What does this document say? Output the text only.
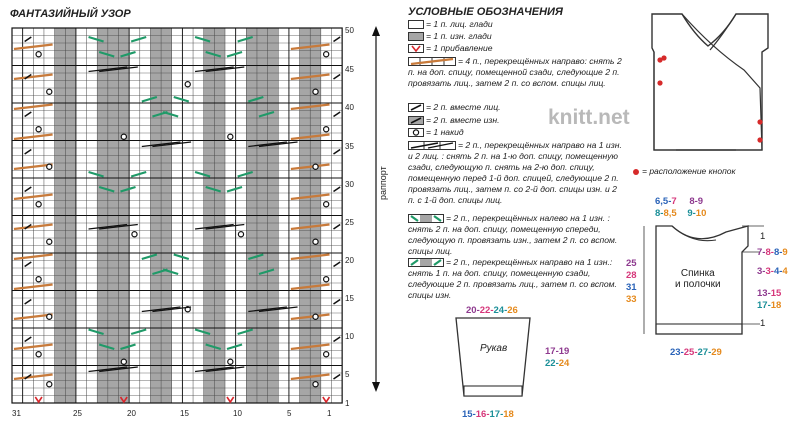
ФАНТАЗИЙНЫЙ УЗОР
50
45
40
35
30
25
20
15
10
5
1
раппорт
31	25	20	15	10	5	1
УСЛОВНЫЕ ОБОЗНАЧЕНИЯ
= 1 п. лиц. глади
= 1 п. изн. глади
= 1 прибавление
= 4 п., перекрещённых направо: снять 2 п. на доп. спицу, помещенной сзади, следующие 2 п. провязать лиц., затем 2 п. со вспом. спицы лиц.
= 2 п. вместе лиц.
= 2 п. вместе изн.
= 1 накид
= 2 п., перекрещённых направо на 1 изн. и 2 лиц. : снять 2 п. на 1-ю доп. спицу, помещенную сзади, следующую п. снять на 2-ю доп. спицу, помещенную перед 1-й доп. спицей, следующие 2 п. провязать лиц., затем п. со 2-й доп. спицы изн. и 2 п. с 1-й доп. спицы лиц.
= 2 п., перекрещённых налево на 1 изн. : снять 2 п. на доп. спицу, помещенную спереди, следующую п. провязать изн., затем 2 п. со вспом. спицы лиц.
= 2 п., перекрещённых направо на 1 изн.: снять 1 п. на доп. спицу, помещенную сзади, следующие 2 п. провязать лиц., затем п. со вспом. спицы изн.
knitt.net
= расположение кнопок
20-22-24-26
Рукав	17-19
22-24
15-16-17-18
6,5-7 8-9
8-8,5 9-10
Спинка
и полочки
1
7-8-8-9
3-3-4-4
13-15
17-18
1
25
28
31
33
23-25-27-29
